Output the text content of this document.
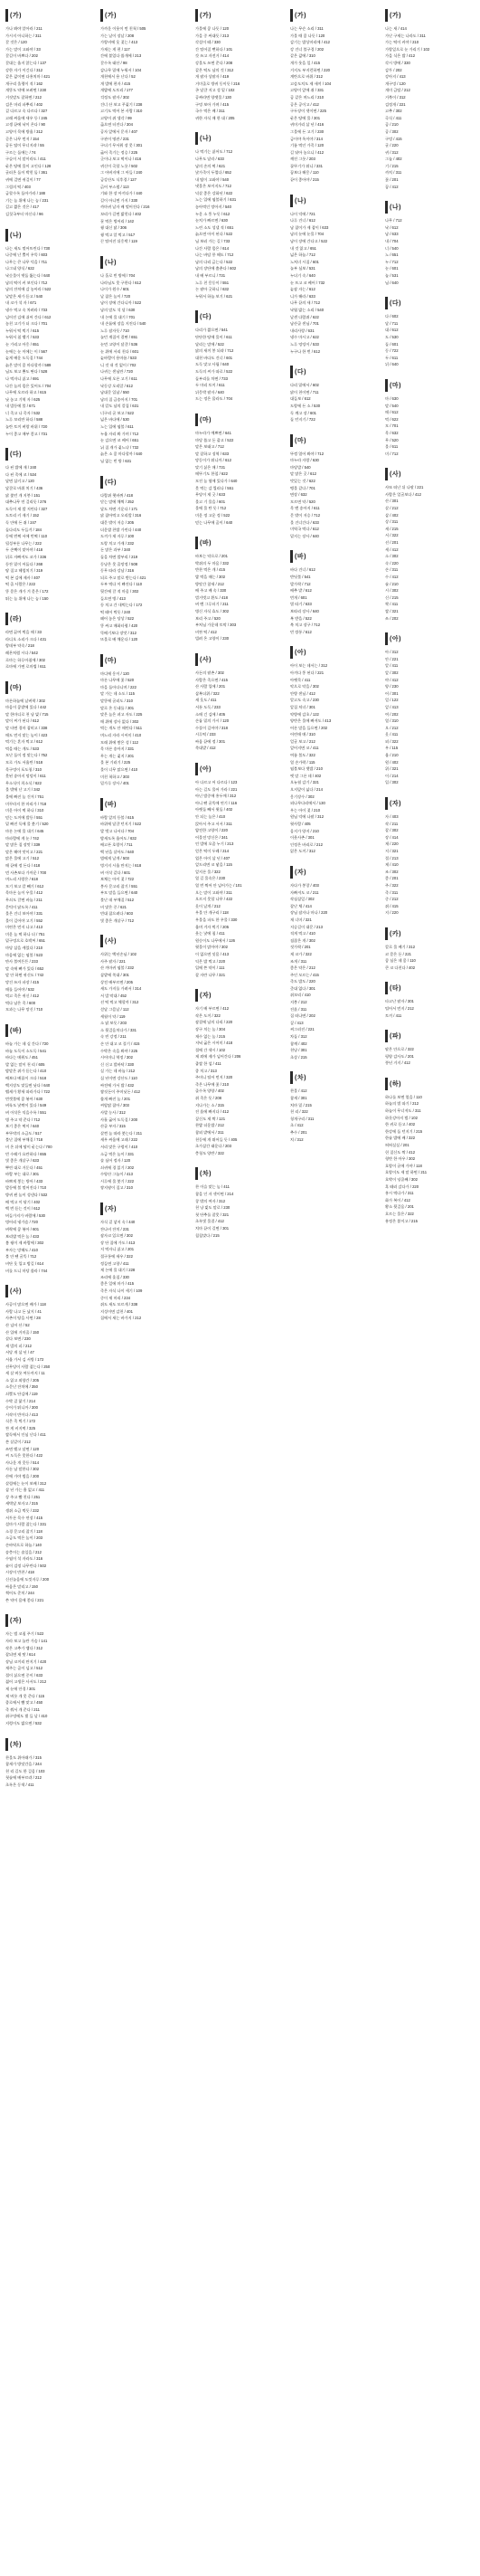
(가)
가나 봐야 알아라 / 211
가시지 아니하는 / 311
갈 것은 / 120
가는 말이 고와야 / 33
갈길이 바쁘다 / 202
갈대는 울지 않는다 / 137
강한 자가 이긴다 / 312
같은 값이면 다홍치마 / 421
개구리 올챙이 적 / 162
개똥도 약에 쓰려면 / 230
거짓말도 잘하면 / 212
검은 머리 파뿌리 / 402
겉 다르고 속 다르다 / 327
고래 싸움에 새우 등 / 245
고생 끝에 낙이 온다 / 90
고양이 목에 방울 / 312
곧은 나무 먼저 / 154
공든 탑이 무너지랴 / 55
구르는 돌에는 / 74
구슬이 서 말이라도 / 411
굳은 땅에 물이 고인다 / 128
굴러온 돌이 박힌 돌 / 361
귀에 걸면 귀걸이 / 77
그림의 떡 / 403
급할수록 돌아가라 / 188
기는 놈 위에 나는 놈 / 231
길고 짧은 것은 / 417
김칫국부터 마신다 / 96
(나)
나는 새도 떨어뜨린다 / 730
나중에 난 뿔이 우뚝 / 603
나무는 큰 나무 덕을 / 711
나그네 양식 / 622
낙숫물이 댓돌 뚫는다 / 640
남의 떡이 커 보인다 / 712
남의 잔치에 감 놓아라 / 522
낮말은 새가 듣고 / 540
내 코가 석 자 / 671
냉수 먹고 속 차려라 / 733
넘어진 김에 쉬어 간다 / 612
놓친 고기가 더 크다 / 701
누워서 떡 먹기 / 615
누워서 침 뱉기 / 533
눈 가리고 아웅 / 651
눈에는 눈 이에는 이 / 567
늦게 배운 도둑질 / 744
늙은 말이 콩 마다할까 / 589
님도 보고 뽕도 딴다 / 528
나 먹자니 싫고 / 691
나간 놈의 몫은 있어도 / 704
나무에 오르라 하고 / 615
낫 놓고 기역 자 / 625
내 발등에 불 / 671
너 죽고 나 죽자 / 532
노루 꼬리만 하다 / 588
놀란 토끼 벼랑 바위 / 720
누이 좋고 매부 좋고 / 731
(다)
다 된 밥에 재 / 240
다 된 죽에 코 / 534
달면 삼키고 / 120
달걀로 바위 치기 / 436
닭 쫓던 개 지붕 / 151
대추나무 연 걸리듯 / 276
도둑이 제 발 저린다 / 327
도토리 키 재기 / 152
독 안에 든 쥐 / 247
돌다리도 두들겨 / 184
동에 번쩍 서에 번쩍 / 110
될성부른 나무는 / 222
두 손뼉이 맞아야 / 418
뒤로 자빠져도 코가 / 336
등잔 밑이 어둡다 / 268
땅 짚고 헤엄치기 / 319
떡 본 김에 제사 / 407
떡 줄 사람은 / 222
똥 묻은 개가 겨 묻은 / 172
뛰는 놈 위에 나는 놈 / 150
(라)
라면 끓여 먹을 때 / 33
라디오 소리가 크다 / 431
랑데부 약속 / 218
레몬처럼 시다 / 542
로마는 하루아침에 / 302
로마에 가면 로마법 / 611
(마)
마른하늘에 날벼락 / 302
마음이 콩밭에 있다 / 442
말 한마디로 천 냥 빚 / 715
말이 씨가 된다 / 612
말 타면 경마 잡히고 / 338
매도 먼저 맞는 놈이 / 423
먹기는 혼자 먹고 / 612
먹을 때는 개도 / 533
모난 돌이 정 맞는다 / 752
모로 가도 서울만 / 518
목구멍이 포도청 / 310
못된 송아지 엉덩이 / 611
무소식이 희소식 / 622
물 밖에 난 고기 / 342
물에 빠진 놈 건져 / 751
미꾸라지 한 마리가 / 718
미운 아이 떡 하나 / 310
믿는 도끼에 발등 / 551
밑 빠진 독에 물 붓기 / 520
마른 논에 물 대기 / 645
마파람에 게 눈 / 742
말 많은 집 장맛 / 339
말은 해야 맛이고 / 221
맑은 물에 고기 / 512
매 끝에 정 든다 / 418
먼 사촌보다 가까운 / 700
며느리 사랑은 / 618
모기 보고 칼 빼기 / 612
목마른 놈이 우물 / 412
무쇠도 갈면 바늘 / 211
문턱이 닳도록 / 411
물은 건너 보아야 / 331
물이 깊어야 고기 / 552
미련은 먼저 나고 / 413
미운 놈 떡 하나 더 / 751
밑구멍으로 호박씨 / 651
마당 삼을 캐었다 / 210
마음에 없는 염불 / 523
만사 불여튼튼 / 233
말 속에 뼈가 있다 / 652
말 안 하면 귀신도 / 742
망건 쓰자 파장 / 415
매를 들어야 / 532
먹고 죽은 귀신 / 412
먹다 남은 죽 / 600
모과는 나무 망신 / 710
(바)
바늘 가는 데 실 간다 / 720
바늘 도둑이 소도둑 / 541
바다는 메워도 / 451
발 없는 말이 천 리 / 605
밤말은 쥐가 듣는다 / 410
배보다 배꼽이 크다 / 518
백지장도 맞들면 낫다 / 640
뱁새가 황새 따라가다 / 722
번갯불에 콩 볶아 / 630
벼룩도 낯짝이 있다 / 549
벼 이삭은 익을수록 / 551
병 주고 약 준다 / 712
보기 좋은 떡이 / 640
부뚜막의 소금도 / 517
불난 집에 부채질 / 718
비 온 뒤에 땅이 굳는다 / 700
빈 수레가 요란하다 / 655
빛 좋은 개살구 / 633
뿌린 대로 거둔다 / 451
바람 부는 대로 / 301
바쁘게 찧는 방아 / 433
발등에 불 떨어진다 / 710
방귀 뀐 놈이 성낸다 / 532
배 먹고 이 닦기 / 402
백 번 듣는 것이 / 612
버들가지가 바람에 / 530
벙어리 냉가슴 / 720
벼락에 콩 볶아 / 601
보리밥 먹은 놈 / 433
봄 꿩이 제 바람에 / 302
부자는 망해도 / 410
불 안 땐 굴뚝 / 712
비단 옷 입고 밤길 / 614
비를 드니 마당 쓸라 / 744
(사)
사공이 많으면 배가 / 118
사람 나고 돈 났지 / 41
사촌이 땅을 사면 / 28
산 넘어 산 / 52
산 입에 거미줄 / 150
살다 보면 / 230
새 발의 피 / 212
서당 개 삼 년 / 47
서울 가서 김 서방 / 172
선무당이 사람 잡는다 / 250
세 살 버릇 여든까지 / 11
소 잃고 외양간 / 205
소문난 잔치에 / 350
쇠뿔도 단김에 / 119
수박 겉 핥기 / 214
숭어가 뛰니까 / 300
시작이 반이다 / 413
식은 죽 먹기 / 172
싼 게 비지떡 / 325
쌀독에서 인심 난다 / 411
쏜 살같이 / 212
쓰면 뱉고 달면 / 120
씨 도둑은 못한다 / 422
사나운 개 콧등 / 514
사돈 남 말한다 / 302
산에 가야 범을 / 200
살림에는 눈이 보배 / 312
삼 년 가는 흉 없고 / 411
상 주고 뺨 친다 / 251
새벽달 보자고 / 315
생쥐 소금 먹듯 / 232
서투른 목수 연장 / 415
설마가 사람 잡는다 / 331
소경 문고리 잡기 / 118
소금도 먹은 놈이 / 203
손바닥으로 하늘 / 140
송충이는 솔잎을 / 212
수염이 석 자라도 / 316
숯이 검정 나무란다 / 502
시장이 반찬 / 418
신선놀음에 도낏자루 / 200
싸움은 말리고 / 150
썩어도 준치 / 244
쓴 약이 몸에 좋다 / 221
(자)
자는 범 코침 주기 / 522
자라 보고 놀란 가슴 / 141
작은 고추가 맵다 / 312
잘되면 제 탓 / 614
장님 코끼리 만지기 / 420
재주는 곰이 넘고 / 512
절이 싫으면 중이 / 633
젊어 고생은 사서도 / 212
제 눈에 안경 / 301
제 버릇 개 못 준다 / 115
종로에서 뺨 맞고 / 450
죽 쒀서 개 준다 / 211
쥐구멍에도 볕 들 날 / 410
지렁이도 밟으면 / 532
(차)
찬물도 위아래가 / 315
참새가 방앗간을 / 244
천 리 길도 한 걸음 / 103
첫술에 배부르랴 / 212
초록은 동색 / 411
(가)
가까운 이웃이 먼 친척 / 505
가는 날이 장날 / 208
가랑비에 옷 젖는 / 413
가재는 게 편 / 117
간에 붙었다 쓸개에 / 213
갈수록 태산 / 98
감나무 밑에 누워서 / 104
개천에서 용 난다 / 52
개 발에 편자 / 415
개밥에 도토리 / 177
걱정도 팔자 / 302
건너 산 보고 꾸짖기 / 238
고기도 먹어 본 사람 / 310
고양이 쥐 생각 / 99
곪으면 터진다 / 304
공자 앞에서 문자 / 407
구관이 명관 / 231
구더기 무서워 장 못 / 301
굶어 죽기는 정승 / 225
굿이나 보고 떡이나 / 416
귀신이 곡할 노릇 / 502
그 아버지에 그 아들 / 240
금강산도 식후경 / 127
긁어 부스럼 / 113
기와 한 장 아끼다가 / 440
길이 아니면 가지 / 330
까마귀 날자 배 떨어진다 / 216
꼬리가 길면 밟힌다 / 402
꿀 먹은 벙어리 / 142
꿩 대신 닭 / 306
꿩 먹고 알 먹고 / 517
끈 떨어진 뒤웅박 / 119
(나)
나 홀로 빈 방에 / 704
나라님도 못 구한다 / 612
나이가 원수 / 601
날 잡은 놈이 / 720
남이 장에 간다니까 / 522
남의 말도 석 달 / 630
내 논에 물 대기 / 701
내 손톱에 장을 지진다 / 540
노루 잠자듯 / 710
놀던 계집이 결딴 / 651
눈먼 고양이 달걀 / 536
눈 위에 서리 친다 / 601
늦바람이 용마름 / 533
니 것 내 것 없이 / 702
나귀는 샌님만 / 720
나무에 오른 고기 / 611
낙동강 오리알 / 612
남대문 입납 / 550
남의 집 금송아지 / 701
내 칼도 남의 칼집 / 631
너구리 굴 보고 / 522
넓은 바다에 / 530
노는 입에 염불 / 611
누울 자리 봐 가며 / 712
눈 감으면 코 베어 / 651
뉘 집 개가 짖느냐 / 732
늙은 소 콩 마다할까 / 640
님 없는 빈 방 / 631
(다)
다람쥐 쳇바퀴 / 418
닫는 말에 채찍 / 252
달도 차면 기운다 / 171
닭 잡아먹고 오리발 / 316
대문 밖이 저승 / 205
더운밥 찬밥 가린다 / 440
도끼가 제 자루 / 100
도랑 치고 가재 / 232
돈 많은 과부 / 340
돌을 차면 발부리 / 219
동냥은 못 줄망정 / 508
동무 따라 강남 / 316
되로 주고 말로 받는다 / 421
두부 먹다 이 빠진다 / 110
뒷간에 갈 적 마음 / 302
들으면 병 / 413
등 치고 간 내먹는다 / 172
떡 떼어 먹듯 / 240
떼어 놓은 당상 / 522
똥 싸고 매화타령 / 420
뚝배기보다 장맛 / 312
뜨물로 배 채운다 / 120
(마)
마디에 옹이 / 120
마른 나무에 꽃 / 520
마을 돌아다니며 / 222
말 가는 데 소도 / 115
말똥에 굴러도 / 310
말로 온 동네를 / 301
맞은 놈은 펴고 자도 / 225
매 위에 장사 없다 / 302
먹는 개도 안 때린다 / 511
며느리 자라 시어미 / 410
모래 위에 쌓은 성 / 112
목 마른 송아지 / 331
무는 개는 짖지 / 201
물 본 기러기 / 225
물이 너무 맑으면 / 410
미친 척하고 / 303
밀가루 장사 / 401
(바)
바람 앞의 등불 / 615
바위에 달걀 던지기 / 522
발 벗고 나서다 / 704
밤새도록 울어도 / 632
배고픈 호랑이 / 711
백 년을 살아도 / 640
범에게 날개 / 503
벙거지 시울 만지는 / 618
벼 이삭 같다 / 601
보채는 아이 젖 / 722
봉사 문고리 잡기 / 551
부모 말을 들으면 / 640
불난 데 부채질 / 512
비 맞은 중 / 621
빈대 잡으려다 / 603
빛 좋은 개살구 / 712
(사)
사위는 백년손님 / 102
사주 팔자 / 221
산 까마귀 염불 / 232
삼밭에 쑥대 / 301
상전 배부르면 / 205
새도 가지를 가려서 / 314
서 발 막대 / 452
선 떡 먹고 체할까 / 312
섣달 그믐날 / 112
세월이 약 / 119
소 닭 보듯 / 203
소 뒷걸음치다가 / 331
속 빈 강정 / 211
손 안 대고 코 풀기 / 415
수박은 속을 봐야 / 225
시어머니 역정 / 302
신 신고 발바닥 / 330
실 가는 데 바늘 / 212
십 년이면 강산도 / 110
싸전에 가서 밥 / 432
쌈짓돈이 주머닛돈 / 412
쓸개 빠진 놈 / 201
씨암탉 잡아 / 303
사발 농사 / 312
사흘 굶어 도둑질 / 200
산골 부자 / 315
살찐 놈 따라 붓는다 / 211
새우 싸움에 고래 / 222
서리 맞은 구렁이 / 410
소금 먹은 놈이 / 331
솔 심어 정자 / 120
쇠귀에 경 읽기 / 202
수양산 그늘이 / 413
시루에 물 붓기 / 222
쌍지팡이 짚고 / 310
(자)
자식 겉 낳지 속 / 440
잔나비 잔치 / 231
잠자코 있으면 / 302
장 단 집에 가도 / 413
저 먹자니 싫고 / 201
절구통에 새우 / 322
정들면 고향 / 411
제 논에 물 대기 / 228
조리에 옻칠 / 330
좋은 일에 마가 / 415
죽은 자식 나이 세기 / 109
중이 제 머리 / 234
쥐도 새도 모르게 / 338
지성이면 감천 / 401
집에서 새는 바가지 / 212
(가)
가물에 콩 나듯 / 120
가을 중 싸대듯 / 213
각설이 떼 / 330
간 떨어질 뻔하다 / 101
갓 쓰고 자전거 / 414
강물도 쓰면 준다 / 208
같은 떡도 남의 것 / 312
개 팔자 상팔자 / 419
거미줄로 방귀 동이듯 / 216
곤 달걀 지고 성 밑 / 102
공짜라면 양잿물 / 130
구멍 보아 가며 / 415
국수 먹은 배 / 311
귀한 자식 매 한 대 / 205
(나)
나 먹기는 싫어도 / 712
나무도 달라 / 633
남의 손의 떡 / 621
낯가죽이 두껍다 / 652
내 딸이 고와야 / 540
냇물은 보이지도 / 712
넉살 좋은 강화년 / 622
노는 입에 염불하기 / 631
놓아먹인 망아지 / 540
누운 소 똥 누듯 / 612
눈치가 빠르면 / 630
느린 소도 성낼 적 / 651
늙으면 아이 된다 / 522
님 보러 가는 길 / 733
나간 사람 몫은 / 614
나는 바담 풍 해도 / 712
남의 다리 긁는다 / 522
남의 장단에 춤춘다 / 602
내 배 부르니 / 731
노루 친 몽둥이 / 551
논 팔아 굿하니 / 632
누워서 하늘 보기 / 621
(다)
다리가 짧으면 / 541
단단한 땅에 물이 / 611
달리는 말에 / 522
닭의 새끼 봉 되랴 / 712
대천 바다도 건너 / 601
도둑 맞고 사립 / 640
도둑의 씨가 따로 / 522
돌부리를 차면 / 733
두 마리 토끼 / 611
뒤웅박 팔자 / 640
드는 정은 몰라도 / 704
(마)
마누라가 예쁘면 / 641
마당 쓸고 돈 줍고 / 522
말은 보태고 / 712
말 잘하고 징역 / 633
망둥이가 뛰니까 / 612
맞기 싫은 매 / 731
메뚜기도 한철 / 622
모진 놈 옆에 있다가 / 640
못 먹는 감 찔러나 / 551
무당이 제 굿 / 633
물고 기 물을 / 601
물에 물 탄 듯 / 712
미운 정 고운 정 / 522
믿는 나무에 곰이 / 640
(바)
바보는 약으로 / 201
박쥐의 두 마음 / 332
반찬 먹은 개 / 415
밥 먹을 때는 / 302
방앗간 참새 / 212
배 주고 배 속 / 330
벌거벗고 환도 / 418
벼 벤 그루터기 / 211
병신 자식 효도 / 302
보리 주고 / 520
부처님 가운데 토막 / 303
비싼 떡 / 412
빌려 온 고양이 / 230
(사)
사돈의 팔촌 / 302
사람은 죽으면 / 415
산 사람 입에 / 201
삼복더위 / 322
새 옷도 / 411
서툰 도둑 / 233
소매 긴 김에 / 405
손톱 밑의 가시 / 120
수풀이 깊어야 / 318
시루떡 / 233
싸움 끝에 정 / 301
쑥대밭 / 412
(아)
아 다르고 어 다르다 / 123
아는 길도 물어 가라 / 221
아닌 밤중에 홍두깨 / 312
아니 땐 굴뚝에 연기 / 116
아랫돌 빼서 윗돌 / 402
안 되는 놈은 / 410
앉아서 주고 서서 / 311
얌전한 고양이 / 220
어물전 망신은 / 341
언 발에 오줌 누기 / 213
얻은 떡이 두레 / 214
업은 아이 삼 년 / 407
엎드리면 코 닿을 / 115
엎지른 물 / 322
열 길 물속은 / 230
열 번 찍어 안 넘어가는 / 101
오는 말이 고와야 / 311
오르지 못할 나무 / 422
옷이 날개 / 212
우물 안 개구리 / 118
우물을 파도 한 우물 / 330
울며 겨자 먹기 / 205
웃는 낯에 침 / 411
원숭이도 나무에서 / 126
윗물이 맑아야 / 302
이 없으면 잇몸 / 413
익은 밥 먹고 / 220
입에 쓴 약이 / 111
잘 자란 나무 / 321
(자)
자기 배 부르면 / 412
작은 도끼 / 322
잠결에 남의 다리 / 220
장구 치는 놈 / 304
재수 없는 놈 / 215
저녁 굶은 시어미 / 418
절에 간 색시 / 102
제 꾀에 제가 넘어간다 / 206
좁쌀 한 섬 / 411
종 치고 / 313
주머니 털어 먼지 / 320
죽은 나무에 꽃 / 210
줄수록 양양 / 402
쥐 죽은 듯 / 208
지나가는 소 / 315
진 흙에 빠지다 / 412
짚신도 제 짝 / 121
찬밥 더운밥 / 212
참외 밭에서 / 311
천둥에 개 뛰어들 듯 / 405
초가삼간 태운다 / 203
충청도 양반 / 322
(차)
찬 이슬 맞는 놈 / 411
참을 인 자 셋이면 / 214
창 밖의 여자 / 312
천 냥 빚도 말로 / 230
첫 단추를 잘못 / 321
초록빛 물결 / 412
치마 끝이 길면 / 301
칠칠맞다 / 215
(가)
나는 무슨 소리 / 311
가물 때 콩 나듯 / 120
감기는 밥상머리에 / 412
강 건너 불구경 / 202
같은 값에 / 310
개가 웃을 일 / 415
거지도 부지런하면 / 220
계란으로 바위 / 312
고슴도치도 제 새끼 / 104
고양이 앞에 쥐 / 331
곰 같은 며느리 / 210
공은 공이고 / 412
구두장이 셋이면 / 225
굳은 땅에 물 / 301
귀머거리 삼 년 / 416
그물에 든 고기 / 230
금이야 옥이야 / 314
기름 먹인 가죽 / 120
길 닦아 놓으니 / 412
깨진 그릇 / 203
꼴뚜기가 뛰니 / 331
꿈보다 해몽 / 110
끝이 좋아야 / 215
(나)
나이 덕에 / 721
나루 건너 / 612
남 잡이가 제 잡이 / 633
남의 눈에 눈물 / 704
남이 장에 간다고 / 522
내 것 잃고 / 651
넓은 하늘 / 712
노처녀 시집 / 601
놀부 심보 / 531
누더기 속 / 640
눈 뜨고 코 베어 / 732
늦잠 자는 / 612
니가 해라 / 633
나무 끝의 새 / 712
낙엽 밟는 소리 / 540
날샌 다람쥐 / 622
남산골 샌님 / 701
내리사랑 / 631
냉수 마시고 / 622
노루 엉덩이 / 533
누구나 한 번 / 612
(다)
다리 밑에서 / 602
닭이 천이면 / 711
대들보 / 612
도랑에 든 소 / 530
독 깨고 장 / 601
돌 던지기 / 722
(마)
뚜껑 열어 봐야 / 712
마누라 자랑 / 630
마당발 / 540
말 많은 곳 / 612
맛있는 것 / 622
맹물 같다 / 701
면장 / 632
모르면 약 / 520
목 맨 송아지 / 611
문 밖이 저승 / 712
물 건너간다 / 633
미역국 먹다 / 612
밑지는 장사 / 640
(바)
바다 건너 / 612
반딧불 / 541
발가락 / 712
배추 밭 / 612
번개 / 601
별 따기 / 633
보따리 장사 / 640
복 받을 / 522
북 치고 장구 / 712
빈 깡통 / 612
(아)
아이 보는 데서는 / 312
아끼다 똥 된다 / 221
아랫목 / 411
악으로 악을 / 302
안방 샌님 / 412
알고도 속고 / 230
앞집 처녀 / 301
약방에 감초 / 122
양반은 물에 빠져도 / 413
어른 말을 들으면 / 202
어린애 매 / 310
얼굴 보고 / 212
엎어지면 코 / 411
여름 불도 / 322
열 손가락 / 115
염불보다 잿밥 / 210
옛 말 그른 데 / 402
오뉴월 감기 / 321
오지랖이 넓다 / 214
옹기장수 / 302
외나무다리에서 / 130
우는 아이 젖 / 210
원님 덕에 나팔 / 312
윗사람 / 405
음지가 양지 / 210
이웃사촌 / 301
인정은 바리로 / 212
잃은 도끼 / 312
(자)
자다가 봉창 / 403
자빠져도 코 / 211
작심삼일 / 302
잘난 체 / 414
장님 잠자나 마나 / 220
재 너머 / 321
저승길이 대문 / 213
적게 먹고 / 410
점잖은 개 / 302
젓가락 / 201
제 코가 / 322
조개 / 311
좋은 약은 / 212
주인 모르는 / 415
죽도 밥도 / 220
줏대 없다 / 301
쥐꼬리 / 410
지붕 / 212
진흙 / 311
집 떠나면 / 202
짚 / 413
찌그러진 / 221
차돌 / 312
참깨 / 402
천냥 / 301
초상 / 215
(차)
찬물 / 412
참새 / 301
처마 밑 / 215
천 리 / 322
청개구리 / 311
초 / 412
추수 / 201
치 / 312
(가)
나는 새 / 414
가난 구제는 나라도 / 311
가는 떡이 커야 / 210
가랑잎으로 눈 가리기 / 102
가을 식은 밥 / 412
각시 방에 / 330
감투 / 202
강아지 / 413
개구멍 / 120
개미 금탑 / 212
거북이 / 312
검정개 / 221
고추 / 302
곡식 / 411
곰 / 210
공 / 302
구멍 / 415
굴 / 220
귀 / 312
그늘 / 402
기 / 215
까치 / 311
꽃 / 201
꿈 / 412
(나)
나무 / 712
낙 / 612
남 / 633
내 / 704
너 / 540
노 / 651
누 / 712
눈 / 601
늘 / 531
님 / 640
(다)
다 / 602
달 / 711
대 / 612
도 / 530
돌 / 601
동 / 722
두 / 611
뒤 / 640
(마)
마 / 630
말 / 540
매 / 612
먹 / 622
모 / 701
목 / 632
무 / 520
물 / 611
미 / 712
(사)
사또 떠난 뒤 나팔 / 221
사람은 얼굴보다 / 412
산 / 301
살 / 212
삼 / 402
상 / 311
새 / 215
서 / 322
선 / 201
세 / 412
소 / 302
속 / 220
손 / 311
수 / 412
술 / 210
시 / 302
신 / 215
싹 / 411
쌀 / 321
쓰 / 202
(아)
아 / 312
안 / 221
알 / 411
앞 / 302
야 / 412
양 / 230
어 / 301
얼 / 122
엎 / 413
여 / 202
열 / 310
오 / 212
옷 / 411
외 / 322
우 / 115
울 / 210
원 / 402
위 / 321
이 / 214
입 / 302
(자)
자 / 403
작 / 211
잘 / 302
장 / 414
재 / 220
저 / 321
절 / 213
제 / 410
조 / 302
좋 / 201
주 / 322
죽 / 311
중 / 212
쥐 / 415
지 / 220
(카)
칼로 물 베기 / 312
코 묻은 돈 / 221
콩 심은 데 콩 / 110
큰 코 다친다 / 402
(타)
타고난 팔자 / 301
털어서 먼지 / 212
토끼 / 411
(파)
팔은 안으로 / 322
평양 감사도 / 201
풍년 거지 / 412
(하)
하나를 보면 열을 / 110
하늘의 별 따기 / 212
하늘이 무너져도 / 311
하룻강아지 범 / 102
한 귀로 듣고 / 402
한강에 돌 던지기 / 215
한술 밥에 배 / 322
허허실실 / 201
헌 짚신도 짝 / 412
형만 한 아우 / 302
호랑이 굴에 가야 / 118
호랑이도 제 말 하면 / 211
호박이 넝쿨째 / 302
혹 떼러 갔다가 / 220
홍시 먹다가 / 311
화가 복이 / 412
황소 뒷걸음 / 201
흐르는 물은 / 322
흥정은 붙이고 / 215
